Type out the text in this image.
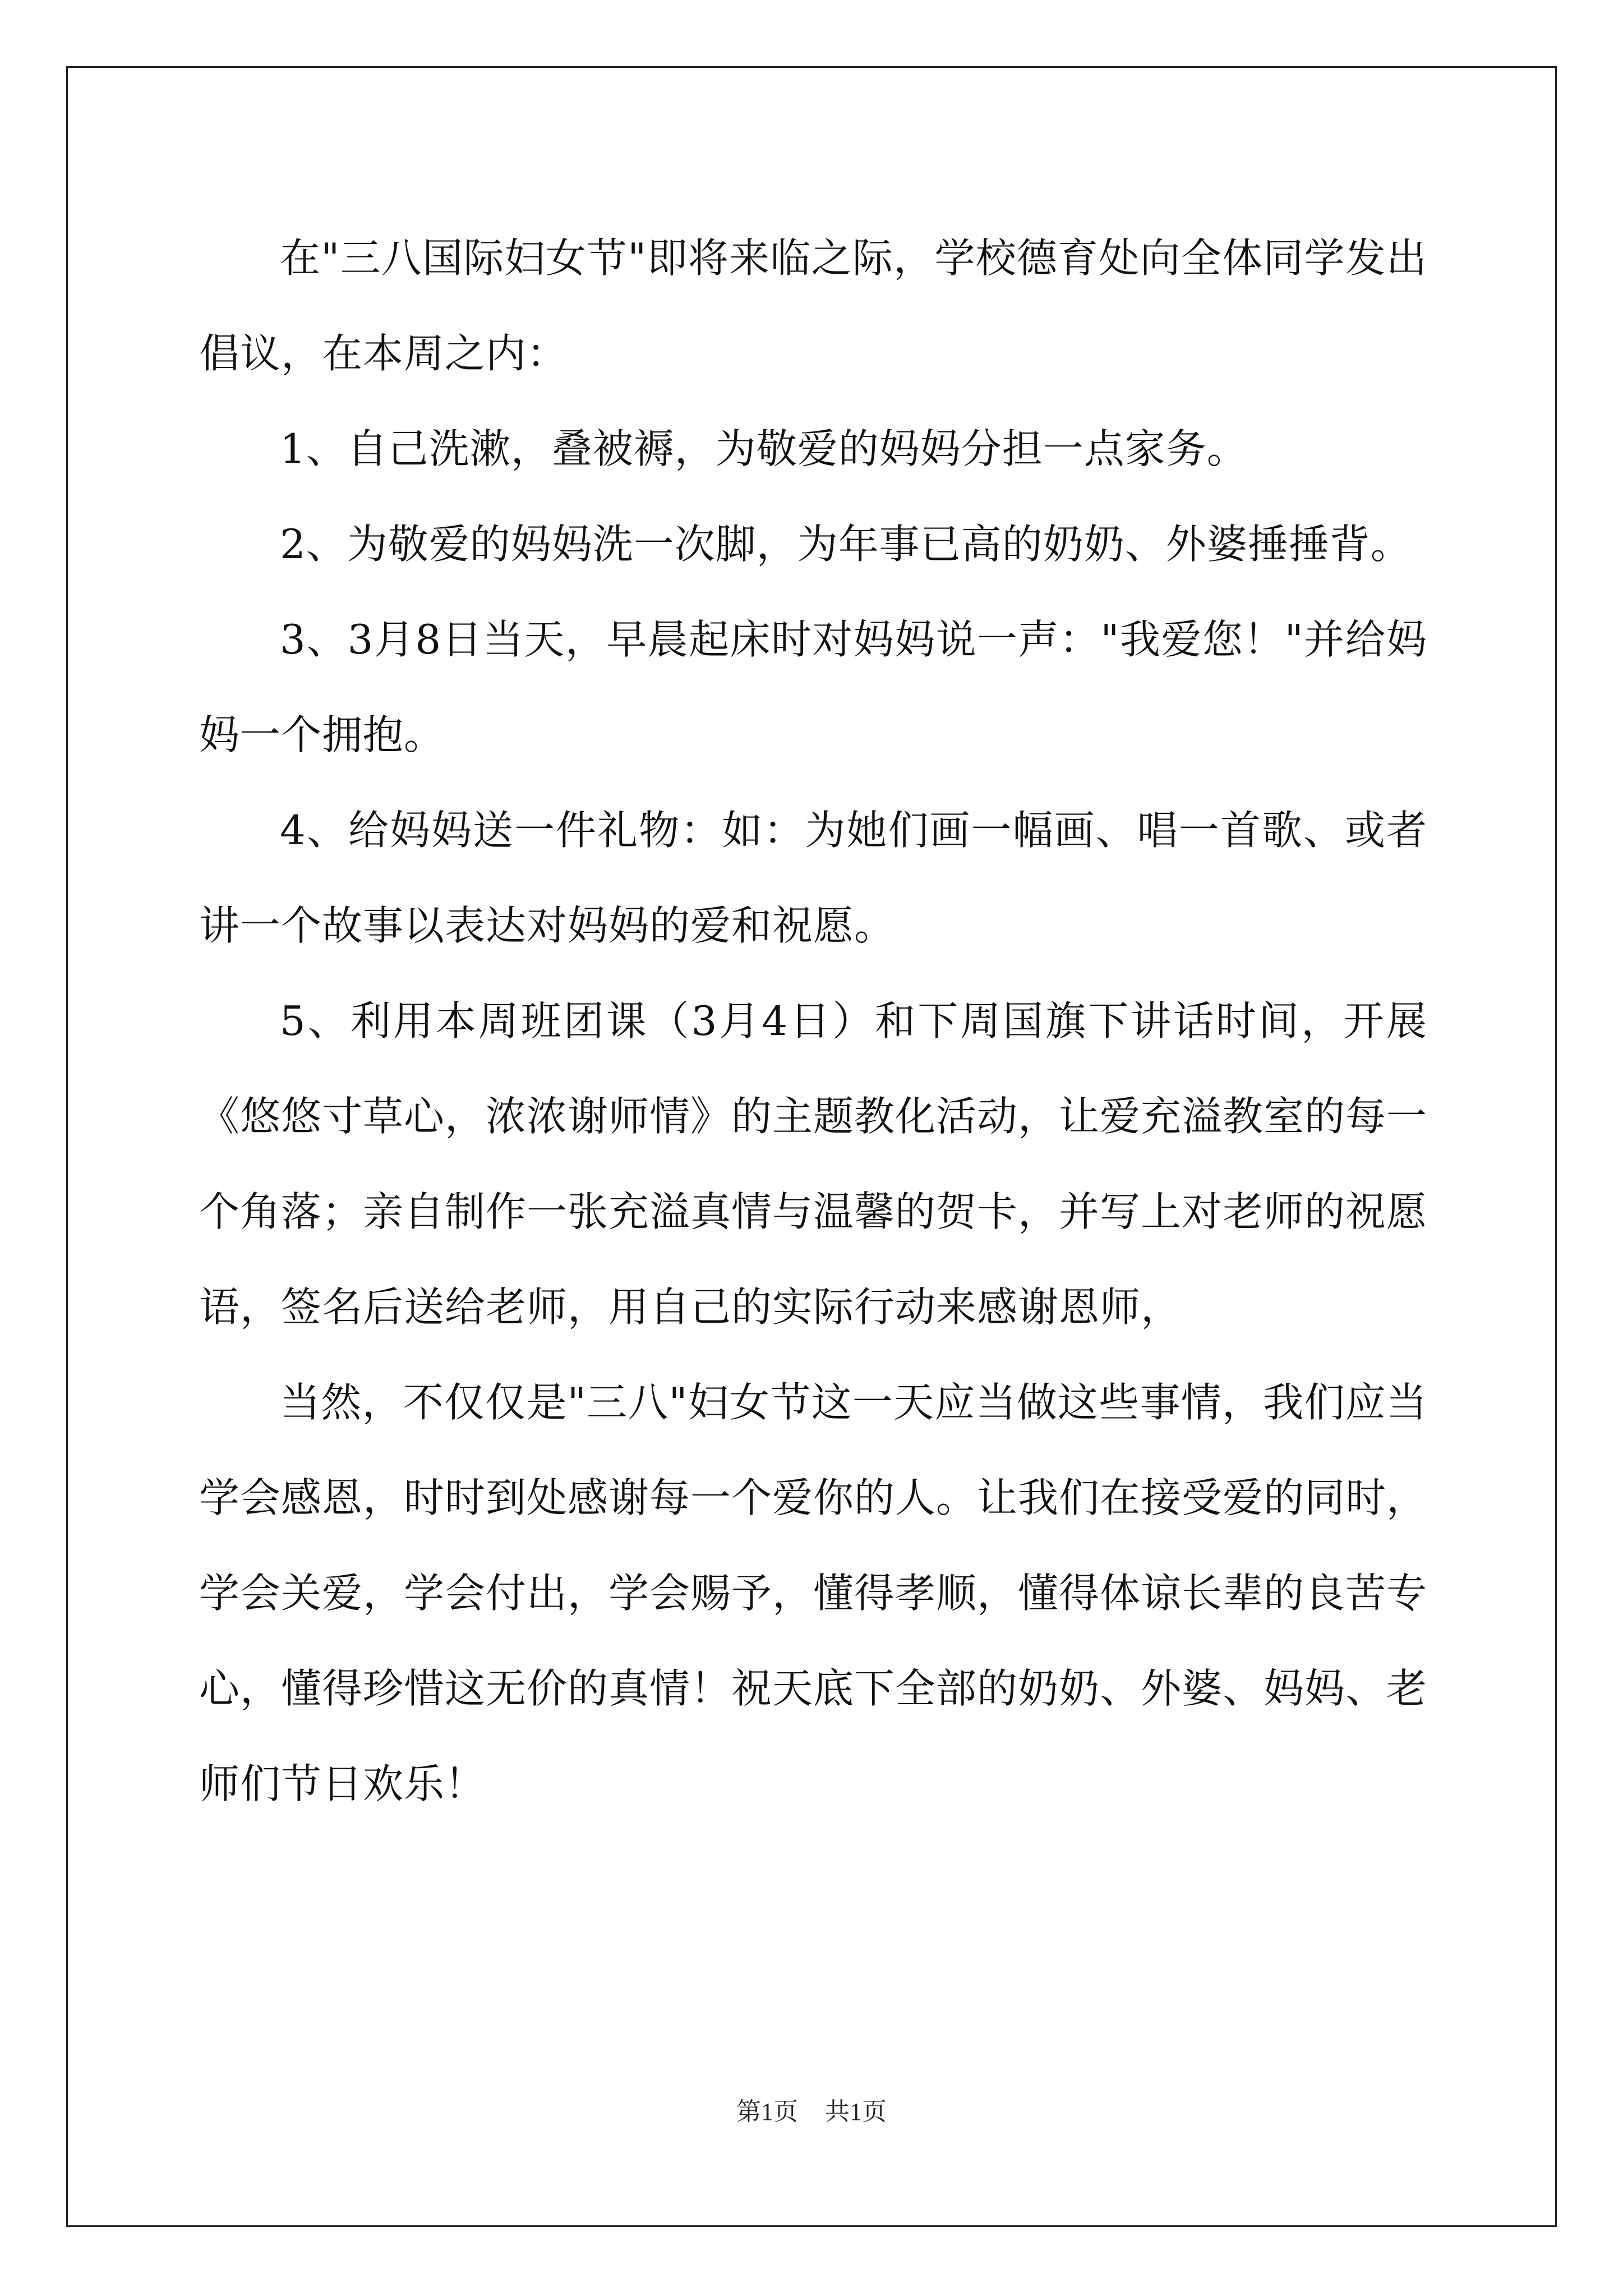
在"三八国际妇女节"即将来临之际，学校德育处向全体同学发出倡议，在本周之内：

1、自己洗漱，叠被褥，为敬爱的妈妈分担一点家务。

2、为敬爱的妈妈洗一次脚，为年事已高的奶奶、外婆捶捶背。

3、3月8日当天，早晨起床时对妈妈说一声："我爱您！"并给妈妈一个拥抱。

4、给妈妈送一件礼物：如：为她们画一幅画、唱一首歌、或者讲一个故事以表达对妈妈的爱和祝愿。

5、利用本周班团课（3月4日）和下周国旗下讲话时间，开展《悠悠寸草心，浓浓谢师情》的主题教化活动，让爱充溢教室的每一个角落；亲自制作一张充溢真情与温馨的贺卡，并写上对老师的祝愿语，签名后送给老师，用自己的实际行动来感谢恩师，

当然，不仅仅是"三八"妇女节这一天应当做这些事情，我们应当学会感恩，时时到处感谢每一个爱你的人。让我们在接受爱的同时，学会关爱，学会付出，学会赐予，懂得孝顺，懂得体谅长辈的良苦专心，懂得珍惜这无价的真情！祝天底下全部的奶奶、外婆、妈妈、老师们节日欢乐！

第1页 共1页
